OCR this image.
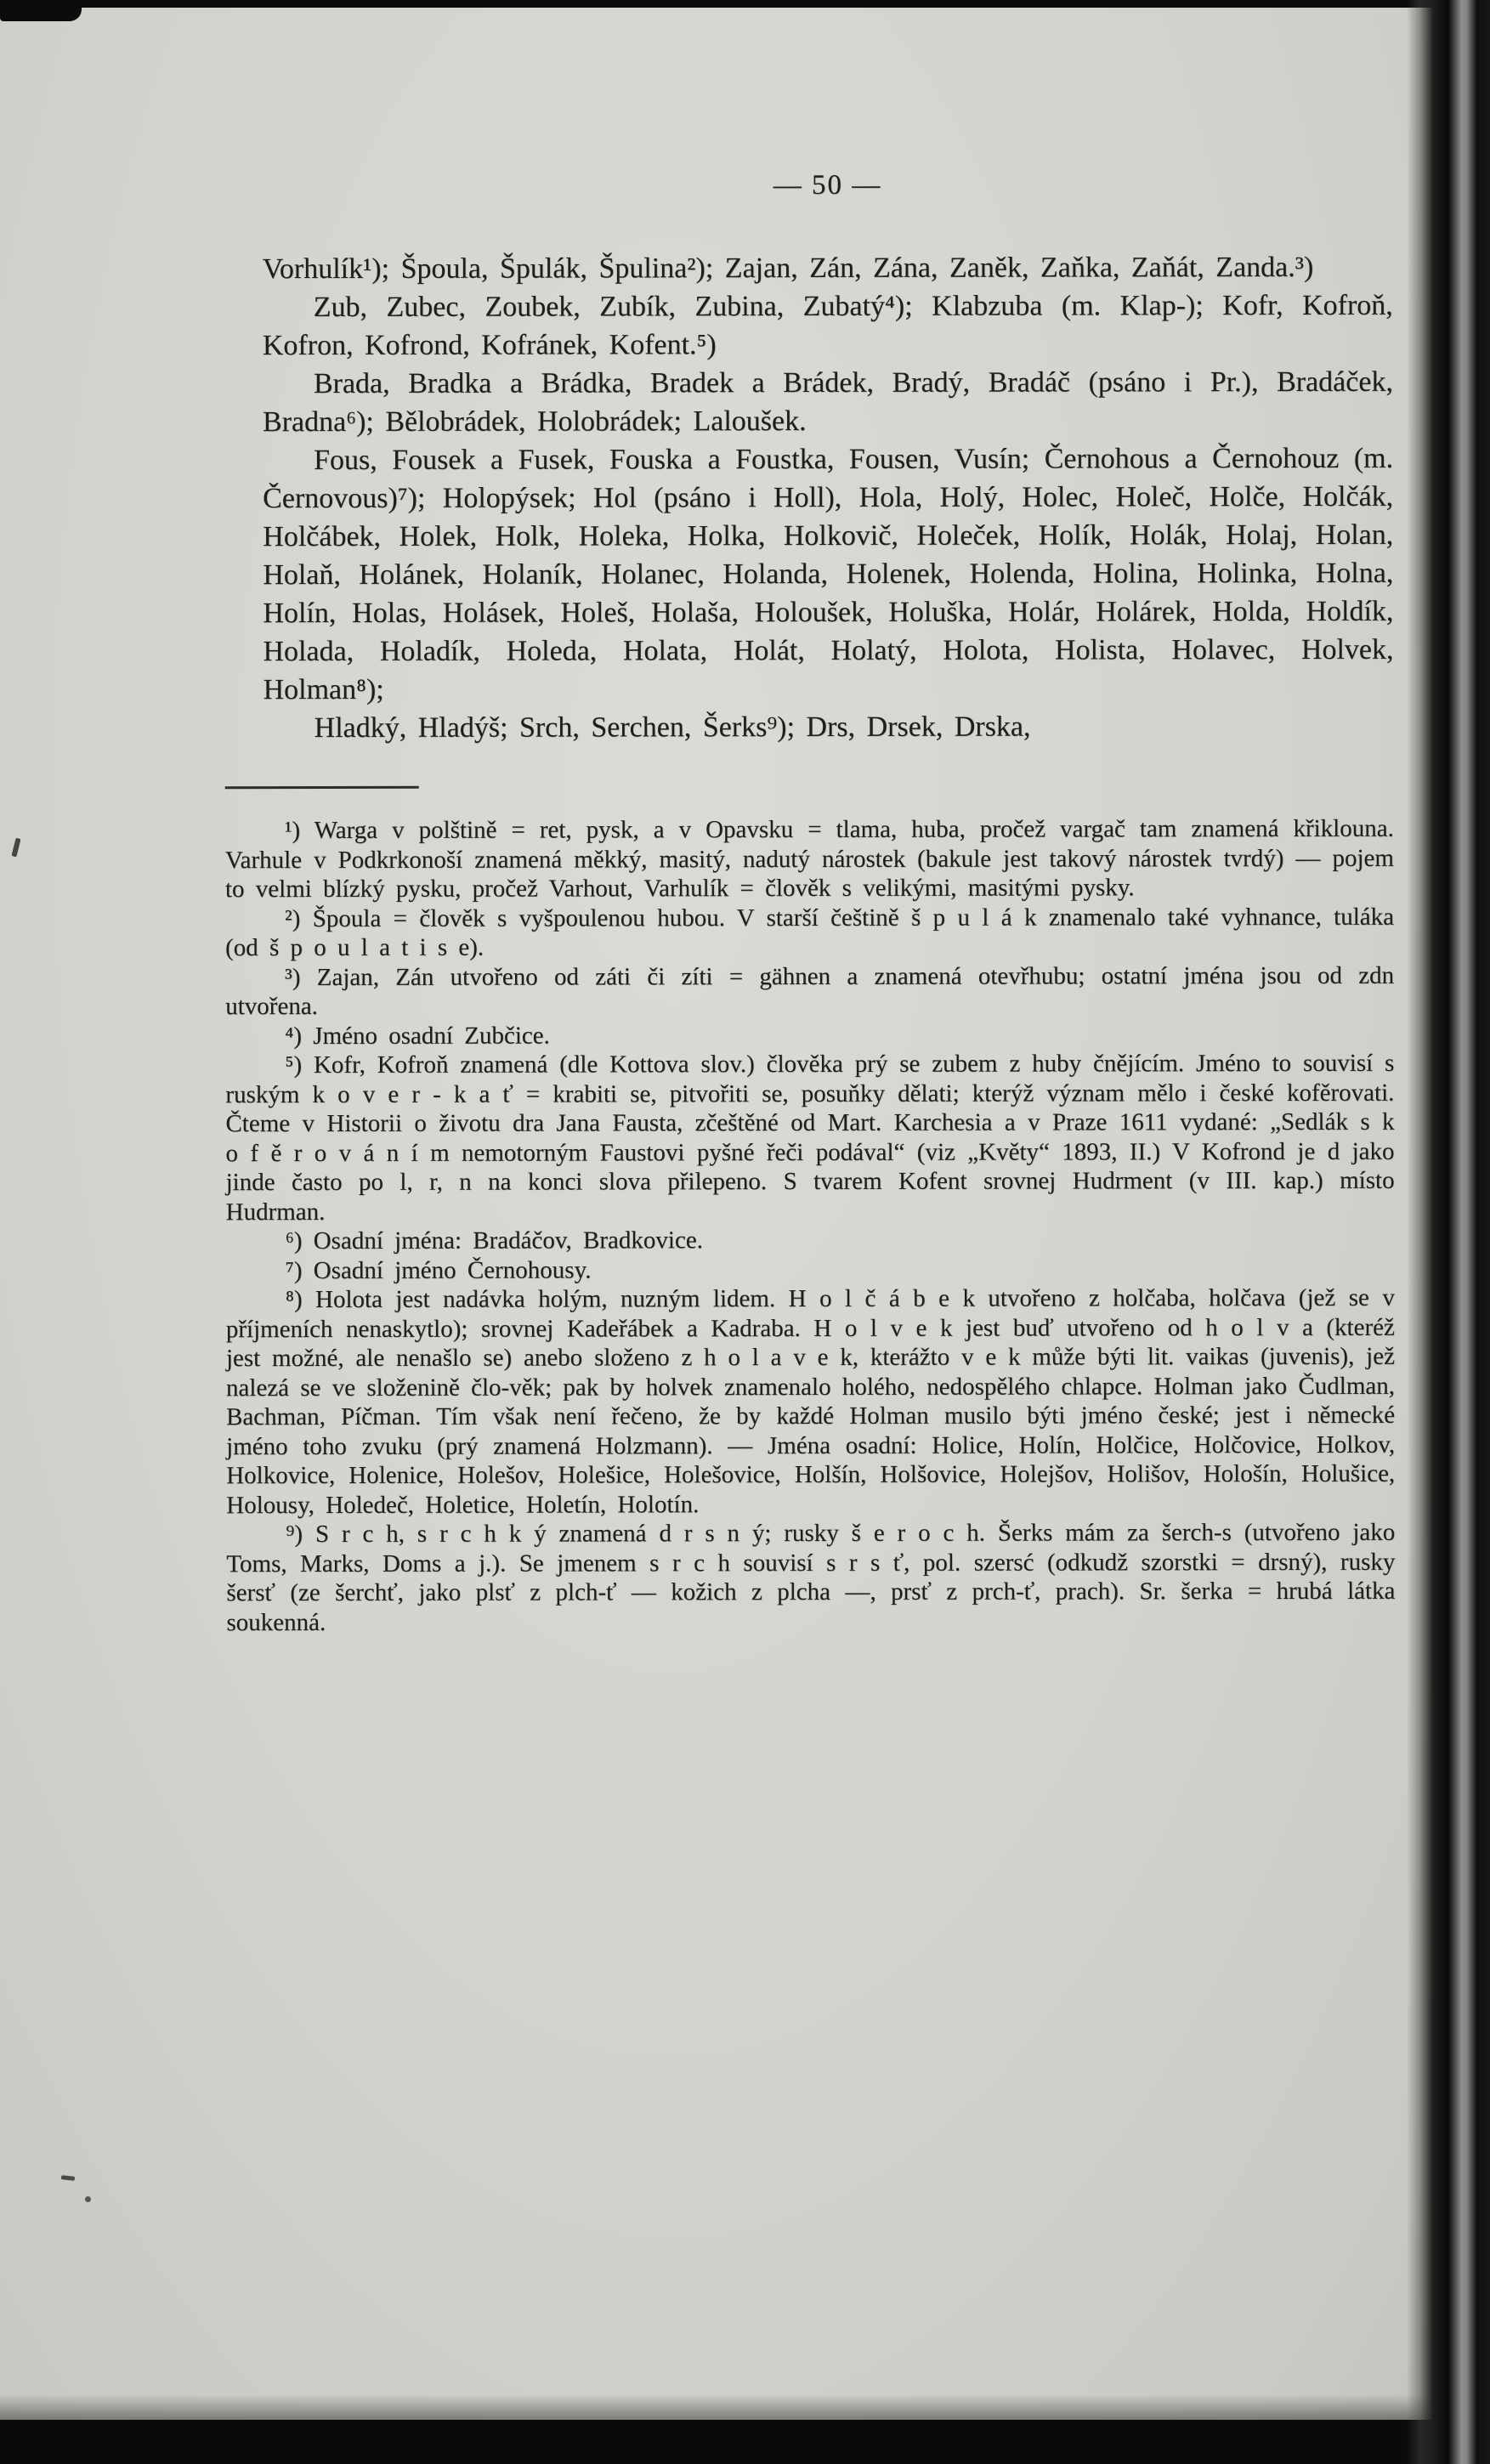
— 50 —

Vorhulík¹); Špoula, Špulák, Špulina²); Zajan, Zán, Zána, Zaněk, Zaňka, Zaňát, Zanda.³)

Zub, Zubec, Zoubek, Zubík, Zubina, Zubatý⁴); Klabzuba (m. Klap-); Kofr, Kofroň, Kofron, Kofrond, Kofránek, Kofent.⁵)

Brada, Bradka a Brádka, Bradek a Brádek, Bradý, Bradáč (psáno i Pr.), Bradáček, Bradna⁶); Bělobrádek, Holobrádek; Laloušek.

Fous, Fousek a Fusek, Fouska a Foustka, Fousen, Vusín; Černohous a Černohouz (m. Černovous)⁷); Holopýsek; Hol (psáno i Holl), Hola, Holý, Holec, Holeč, Holče, Holčák, Holčábek, Holek, Holk, Holeka, Holka, Holkovič, Holeček, Holík, Holák, Holaj, Holan, Holaň, Holánek, Holaník, Holanec, Holanda, Holenek, Holenda, Holina, Holinka, Holna, Holín, Holas, Holásek, Holeš, Holaša, Holoušek, Holuška, Holár, Holárek, Holda, Holdík, Holada, Holadík, Holeda, Holata, Holát, Holatý, Holota, Holista, Holavec, Holvek, Holman⁸);

Hladký, Hladýš; Srch, Serchen, Šerks⁹); Drs, Drsek, Drska,

¹) Warga v polštině = ret, pysk, a v Opavsku = tlama, huba, pročež vargač tam znamená křiklouna. Varhule v Podkrkonoší znamená měkký, masitý, nadutý nárostek (bakule jest takový nárostek tvrdý) — pojem to velmi blízký pysku, pročež Varhout, Varhulík = člověk s velikými, masitými pysky.

²) Špoula = člověk s vyšpoulenou hubou. V starší češtině š p u l á k znamenalo také vyhnance, tuláka (od š p o u l a t i s e).

³) Zajan, Zán utvořeno od záti či zíti = gähnen a znamená otevřhubu; ostatní jména jsou od zdn utvořena.

⁴) Jméno osadní Zubčice.

⁵) Kofr, Kofroň znamená (dle Kottova slov.) člověka prý se zubem z huby čnějícím. Jméno to souvisí s ruským k o v e r - k a ť = krabiti se, pitvořiti se, posuňky dělati; kterýž význam mělo i české kofěrovati. Čteme v Historii o životu dra Jana Fausta, zčeštěné od Mart. Karchesia a v Praze 1611 vydané: „Sedlák s k o f ě r o v á n í m nemotorným Faustovi pyšné řeči podával“ (viz „Květy“ 1893, II.) V Kofrond je d jako jinde často po l, r, n na konci slova přilepeno. S tvarem Kofent srovnej Hudrment (v III. kap.) místo Hudrman.

⁶) Osadní jména: Bradáčov, Bradkovice.

⁷) Osadní jméno Černohousy.

⁸) Holota jest nadávka holým, nuzným lidem. H o l č á b e k utvořeno z holčaba, holčava (jež se v příjmeních nenaskytlo); srovnej Kadeřábek a Kadraba. H o l v e k jest buď utvořeno od h o l v a (kteréž jest možné, ale nenašlo se) anebo složeno z h o l a v e k, kterážto v e k může býti lit. vaikas (juvenis), jež nalezá se ve složenině člo-věk; pak by holvek znamenalo holého, nedospělého chlapce. Holman jako Čudlman, Bachman, Píčman. Tím však není řečeno, že by každé Holman musilo býti jméno české; jest i německé jméno toho zvuku (prý znamená Holzmann). — Jména osadní: Holice, Holín, Holčice, Holčovice, Holkov, Holkovice, Holenice, Holešov, Holešice, Holešovice, Holšín, Holšovice, Holejšov, Holišov, Hološín, Holušice, Holousy, Holedeč, Holetice, Holetín, Holotín.

⁹) S r c h, s r c h k ý znamená d r s n ý; rusky š e r o c h. Šerks mám za šerch-s (utvořeno jako Toms, Marks, Doms a j.). Se jmenem s r c h souvisí s r s ť, pol. szersć (odkudž szorstki = drsný), rusky šersť (ze šerchť, jako plsť z plch-ť — kožich z plcha —, prsť z prch-ť, prach). Sr. šerka = hrubá látka soukenná.
